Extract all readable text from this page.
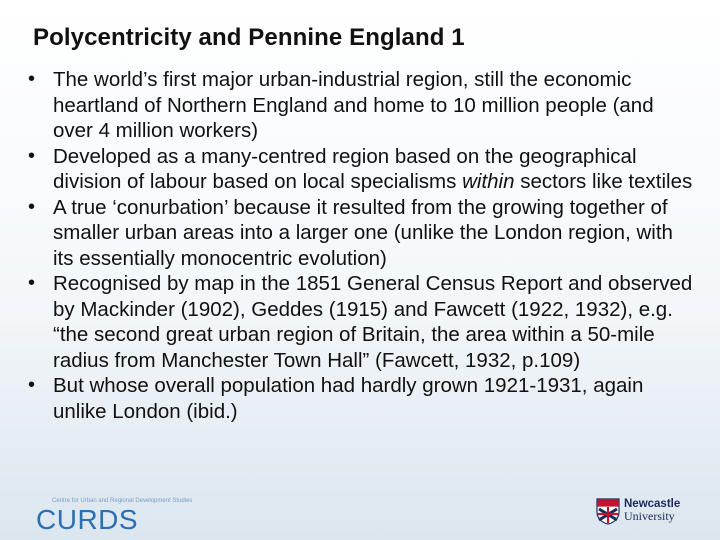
Polycentricity and Pennine England 1
• The world’s first major urban-industrial region, still the economic heartland of Northern England and home to 10 million people (and over 4 million workers)
• Developed as a many-centred region based on the geographical division of labour based on local specialisms within sectors like textiles
• A true ‘conurbation’ because it resulted from the growing together of smaller urban areas into a larger one (unlike the London region, with its essentially monocentric evolution)
• Recognised by map in the 1851 General Census Report and observed by Mackinder (1902), Geddes (1915) and Fawcett (1922, 1932), e.g. “the second great urban region of Britain, the area within a 50-mile radius from Manchester Town Hall” (Fawcett, 1932, p.109)
• But whose overall population had hardly grown 1921-1931, again unlike London (ibid.)
Centre for Urban and Regional Development Studies
CURDS	Newcastle
University
